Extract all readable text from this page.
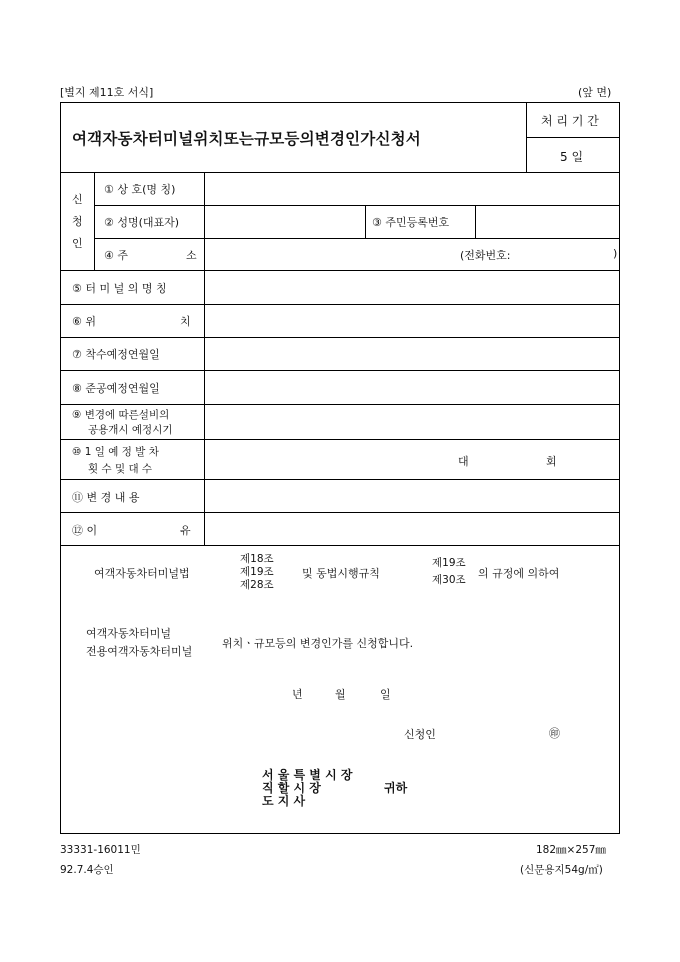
[별지 제11호 서식]	(앞 면)
여객자동차터미널위치또는규모등의변경인가신청서
처 리 기 간
5 일
신
청
인
① 상 호(명 칭)
② 성명(대표자)	③ 주민등록번호
④ 주	소	(전화번호:	)
⑤ 터 미 널 의 명 칭
⑥ 위	치
⑦ 착수예정연월일
⑧ 준공예정연월일
⑨ 변경에 따른설비의
공용개시 예정시기
⑩ 1 일 예 정 발 차
횟 수 및 대 수
대	회
⑪ 변 경 내 용
⑫ 이	유
여객자동차터미널법
제18조
제19조
제28조
및 동법시행규칙
제19조
제30조 의 규정에 의하여
여객자동차터미널
전용여객자동차터미널
위치ㆍ규모등의 변경인가를 신청합니다.
년	월	일
신청인	㊞
서 울 특 별 시 장
직 할 시 장
도 지 사
귀하
33331-16011민
92.7.4승인
182㎜×257㎜
(신문용지54g/㎡)
